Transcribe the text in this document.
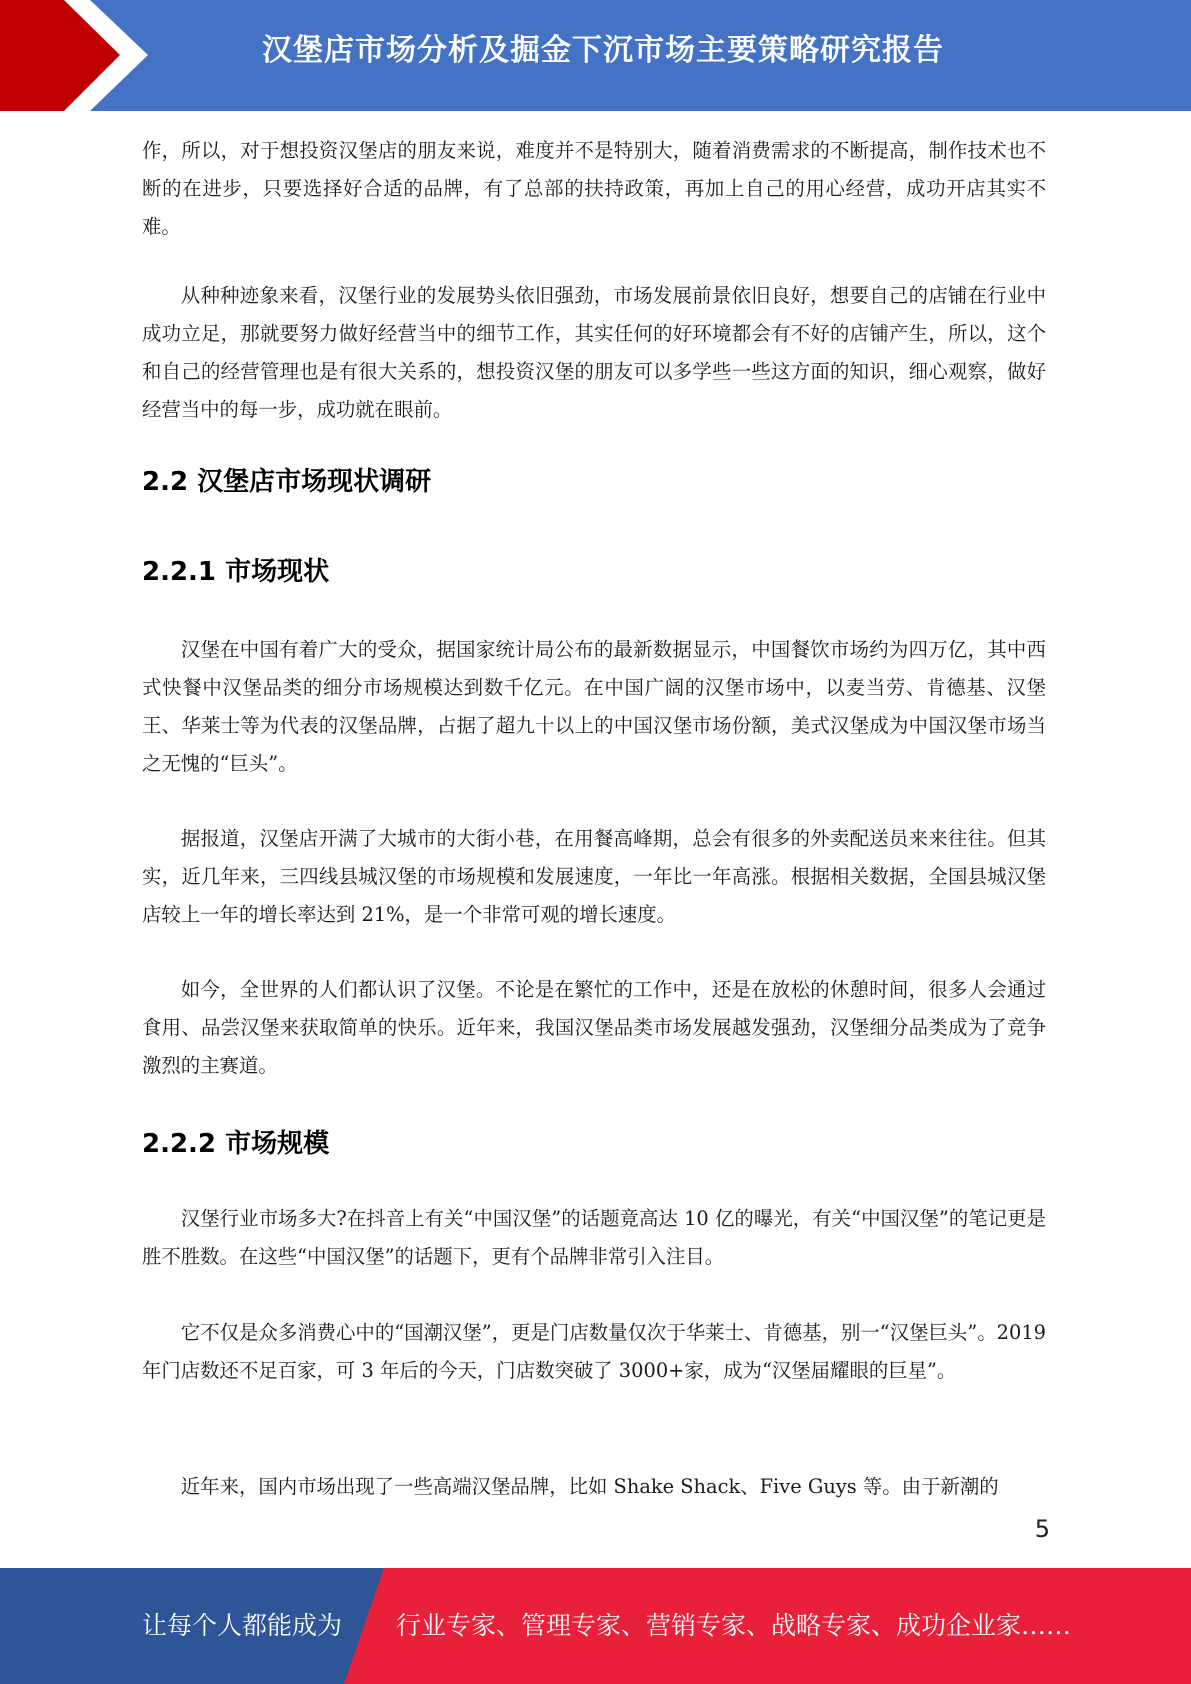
汉堡店市场分析及掘金下沉市场主要策略研究报告

作，所以，对于想投资汉堡店的朋友来说，难度并不是特别大，随着消费需求的不断提高，制作技术也不断的在进步，只要选择好合适的品牌，有了总部的扶持政策，再加上自己的用心经营，成功开店其实不难。

从种种迹象来看，汉堡行业的发展势头依旧强劲，市场发展前景依旧良好，想要自己的店铺在行业中成功立足，那就要努力做好经营当中的细节工作，其实任何的好环境都会有不好的店铺产生，所以，这个和自己的经营管理也是有很大关系的，想投资汉堡的朋友可以多学些一些这方面的知识，细心观察，做好经营当中的每一步，成功就在眼前。

2.2 汉堡店市场现状调研
2.2.1 市场现状

汉堡在中国有着广大的受众，据国家统计局公布的最新数据显示，中国餐饮市场约为四万亿，其中西式快餐中汉堡品类的细分市场规模达到数千亿元。在中国广阔的汉堡市场中，以麦当劳、肯德基、汉堡王、华莱士等为代表的汉堡品牌，占据了超九十以上的中国汉堡市场份额，美式汉堡成为中国汉堡市场当之无愧的“巨头”。

据报道，汉堡店开满了大城市的大街小巷，在用餐高峰期，总会有很多的外卖配送员来来往往。但其实，近几年来，三四线县城汉堡的市场规模和发展速度，一年比一年高涨。根据相关数据，全国县城汉堡店较上一年的增长率达到 21%，是一个非常可观的增长速度。

如今，全世界的人们都认识了汉堡。不论是在繁忙的工作中，还是在放松的休憩时间，很多人会通过食用、品尝汉堡来获取简单的快乐。近年来，我国汉堡品类市场发展越发强劲，汉堡细分品类成为了竞争激烈的主赛道。

2.2.2 市场规模

汉堡行业市场多大?在抖音上有关“中国汉堡”的话题竟高达 10 亿的曝光，有关“中国汉堡”的笔记更是胜不胜数。在这些“中国汉堡”的话题下，更有个品牌非常引入注目。

它不仅是众多消费心中的“国潮汉堡”，更是门店数量仅次于华莱士、肯德基，别一“汉堡巨头”。2019 年门店数还不足百家，可 3 年后的今天，门店数突破了 3000+家，成为“汉堡届耀眼的巨星”。

近年来，国内市场出现了一些高端汉堡品牌，比如 Shake Shack、Five Guys 等。由于新潮的

5
让每个人都能成为 行业专家、管理专家、营销专家、战略专家、成功企业家……
